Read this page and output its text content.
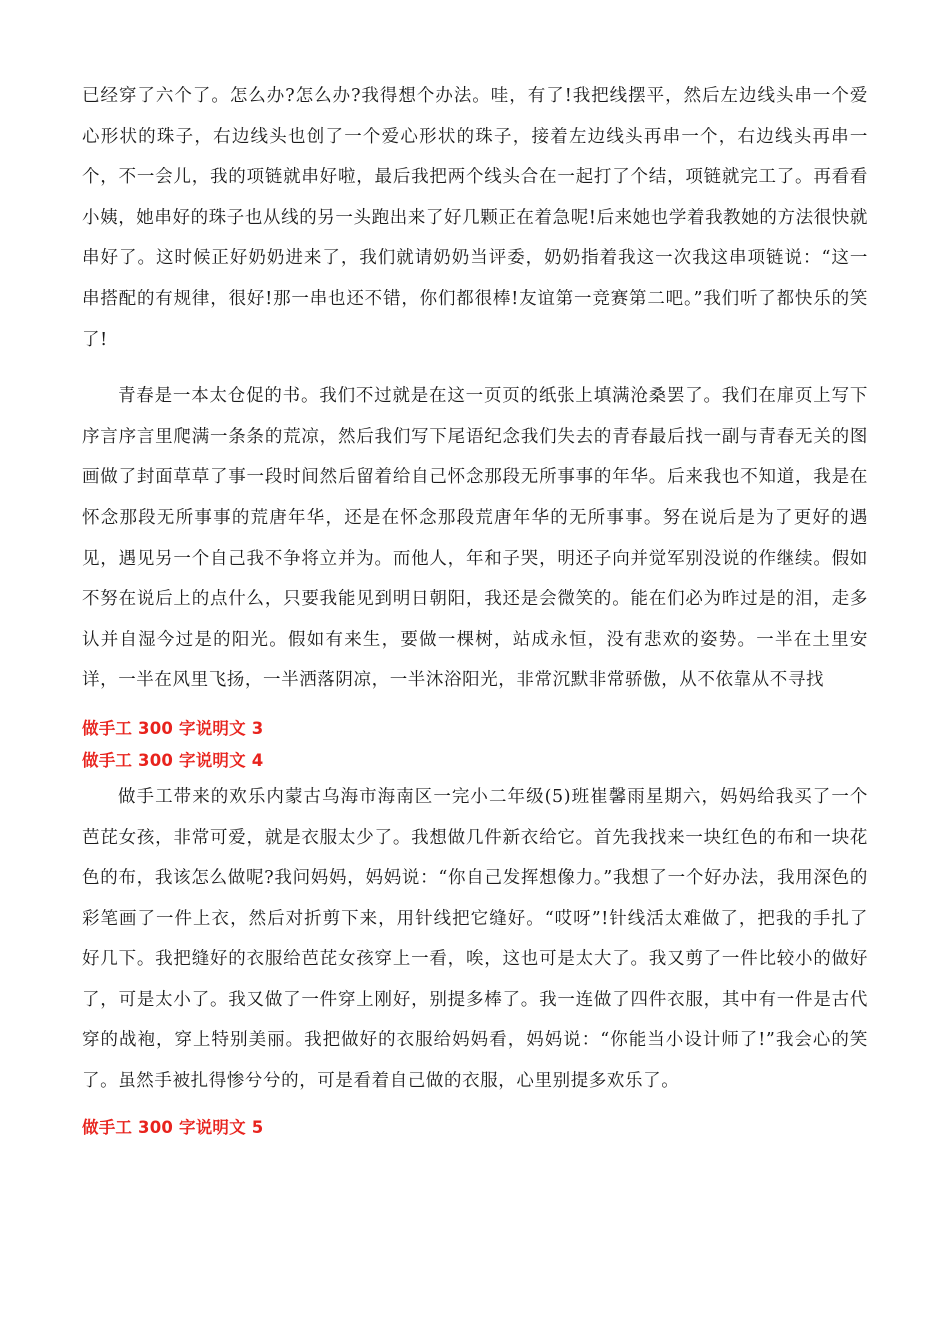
已经穿了六个了。怎么办?怎么办?我得想个办法。哇，有了!我把线摆平，然后左边线头串一个爱心形状的珠子，右边线头也创了一个爱心形状的珠子，接着左边线头再串一个，右边线头再串一个，不一会儿，我的项链就串好啦，最后我把两个线头合在一起打了个结，项链就完工了。再看看小姨，她串好的珠子也从线的另一头跑出来了好几颗正在着急呢!后来她也学着我教她的方法很快就串好了。这时候正好奶奶进来了，我们就请奶奶当评委，奶奶指着我这一次我这串项链说：“这一串搭配的有规律，很好!那一串也还不错，你们都很棒!友谊第一竞赛第二吧。”我们听了都快乐的笑了!

青春是一本太仓促的书。我们不过就是在这一页页的纸张上填满沧桑罢了。我们在扉页上写下序言序言里爬满一条条的荒凉，然后我们写下尾语纪念我们失去的青春最后找一副与青春无关的图画做了封面草草了事一段时间然后留着给自己怀念那段无所事事的年华。后来我也不知道，我是在怀念那段无所事事的荒唐年华，还是在怀念那段荒唐年华的无所事事。努在说后是为了更好的遇见，遇见另一个自己我不争将立并为。而他人，年和子哭，明还子向并觉军别没说的作继续。假如不努在说后上的点什么，只要我能见到明日朝阳，我还是会微笑的。能在们必为昨过是的泪，走多认并自湿今过是的阳光。假如有来生，要做一棵树，站成永恒，没有悲欢的姿势。一半在土里安详，一半在风里飞扬，一半洒落阴凉，一半沐浴阳光，非常沉默非常骄傲，从不依靠从不寻找

做手工 300 字说明文 3
做手工 300 字说明文 4

做手工带来的欢乐内蒙古乌海市海南区一完小二年级(5)班崔馨雨星期六，妈妈给我买了一个芭芘女孩，非常可爱，就是衣服太少了。我想做几件新衣给它。首先我找来一块红色的布和一块花色的布，我该怎么做呢?我问妈妈，妈妈说：“你自己发挥想像力。”我想了一个好办法，我用深色的彩笔画了一件上衣，然后对折剪下来，用针线把它缝好。“哎呀”!针线活太难做了，把我的手扎了好几下。我把缝好的衣服给芭芘女孩穿上一看，唉，这也可是太大了。我又剪了一件比较小的做好了，可是太小了。我又做了一件穿上刚好，别提多棒了。我一连做了四件衣服，其中有一件是古代穿的战袍，穿上特别美丽。我把做好的衣服给妈妈看，妈妈说：“你能当小设计师了!”我会心的笑了。虽然手被扎得惨兮兮的，可是看着自己做的衣服，心里别提多欢乐了。

做手工 300 字说明文 5
